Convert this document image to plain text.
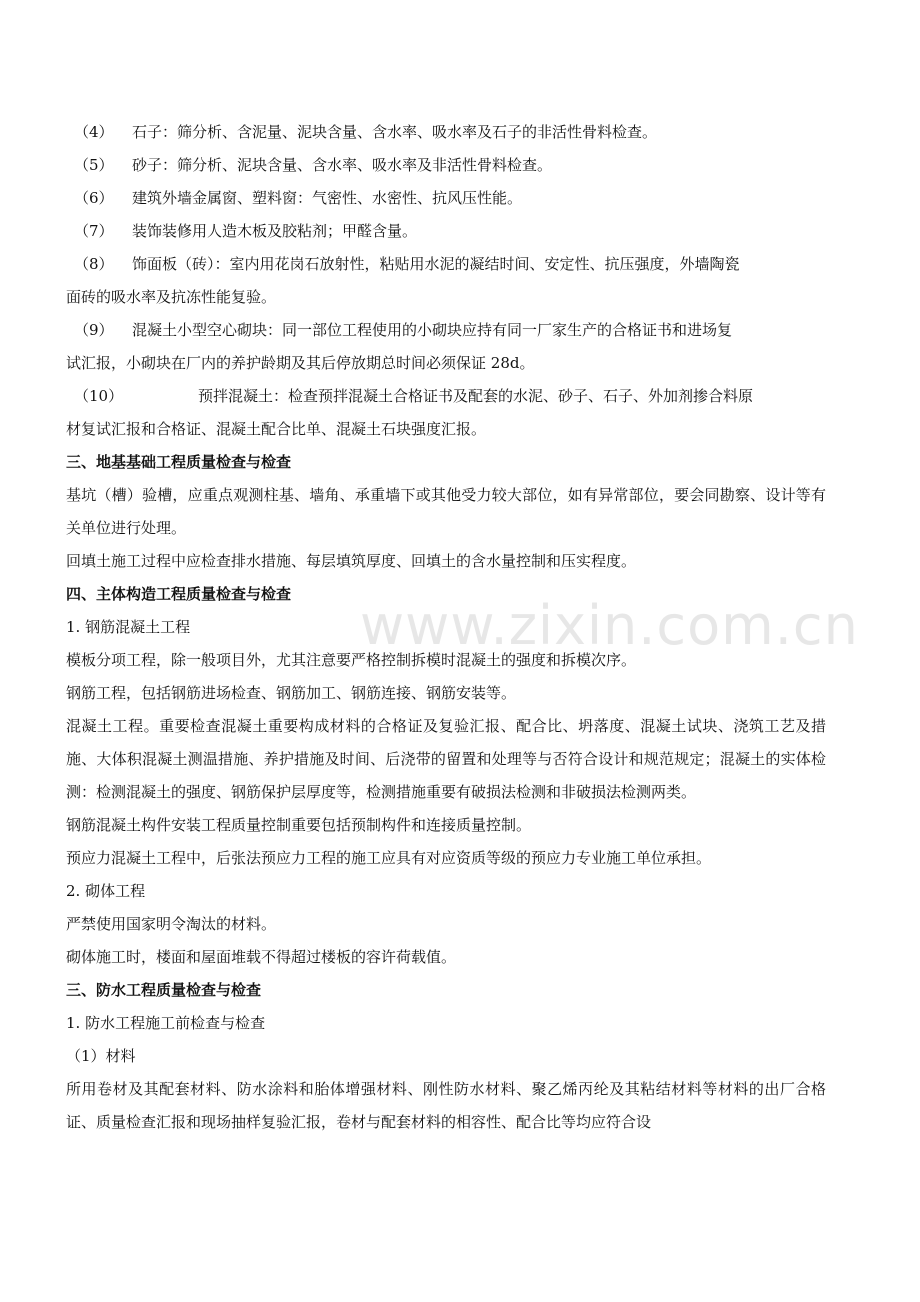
www.zixin.com.cn
（4）	石子：筛分析、含泥量、泥块含量、含水率、吸水率及石子的非活性骨料检查。
（5）	砂子：筛分析、泥块含量、含水率、吸水率及非活性骨料检查。
（6）	建筑外墙金属窗、塑料窗：气密性、水密性、抗风压性能。
（7）	装饰装修用人造木板及胶粘剂；甲醛含量。
（8）	饰面板（砖）：室内用花岗石放射性，粘贴用水泥的凝结时间、安定性、抗压强度，外墙陶瓷

面砖的吸水率及抗冻性能复验。

（9）	混凝土小型空心砌块：同一部位工程使用的小砌块应持有同一厂家生产的合格证书和进场复

试汇报，小砌块在厂内的养护龄期及其后停放期总时间必须保证 28d。

（10）	预拌混凝土：检查预拌混凝土合格证书及配套的水泥、砂子、石子、外加剂掺合料原

材复试汇报和合格证、混凝土配合比单、混凝土石块强度汇报。

三、地基基础工程质量检查与检查

基坑（槽）验槽，应重点观测柱基、墙角、承重墙下或其他受力较大部位，如有异常部位，要会同勘察、设计等有关单位进行处理。

回填土施工过程中应检查排水措施、每层填筑厚度、回填土的含水量控制和压实程度。

四、主体构造工程质量检查与检查

1. 钢筋混凝土工程

模板分项工程，除一般项目外，尤其注意要严格控制拆模时混凝土的强度和拆模次序。

钢筋工程，包括钢筋进场检查、钢筋加工、钢筋连接、钢筋安装等。

混凝土工程。重要检查混凝土重要构成材料的合格证及复验汇报、配合比、坍落度、混凝土试块、浇筑工艺及措施、大体积混凝土测温措施、养护措施及时间、后浇带的留置和处理等与否符合设计和规范规定；混凝土的实体检测：检测混凝土的强度、钢筋保护层厚度等，检测措施重要有破损法检测和非破损法检测两类。

钢筋混凝土构件安装工程质量控制重要包括预制构件和连接质量控制。

预应力混凝土工程中，后张法预应力工程的施工应具有对应资质等级的预应力专业施工单位承担。

2. 砌体工程

严禁使用国家明令淘汰的材料。

砌体施工时，楼面和屋面堆载不得超过楼板的容许荷载值。

三、防水工程质量检查与检查

1. 防水工程施工前检查与检查

（1）材料

所用卷材及其配套材料、防水涂料和胎体增强材料、刚性防水材料、聚乙烯丙纶及其粘结材料等材料的出厂合格证、质量检查汇报和现场抽样复验汇报，卷材与配套材料的相容性、配合比等均应符合设
